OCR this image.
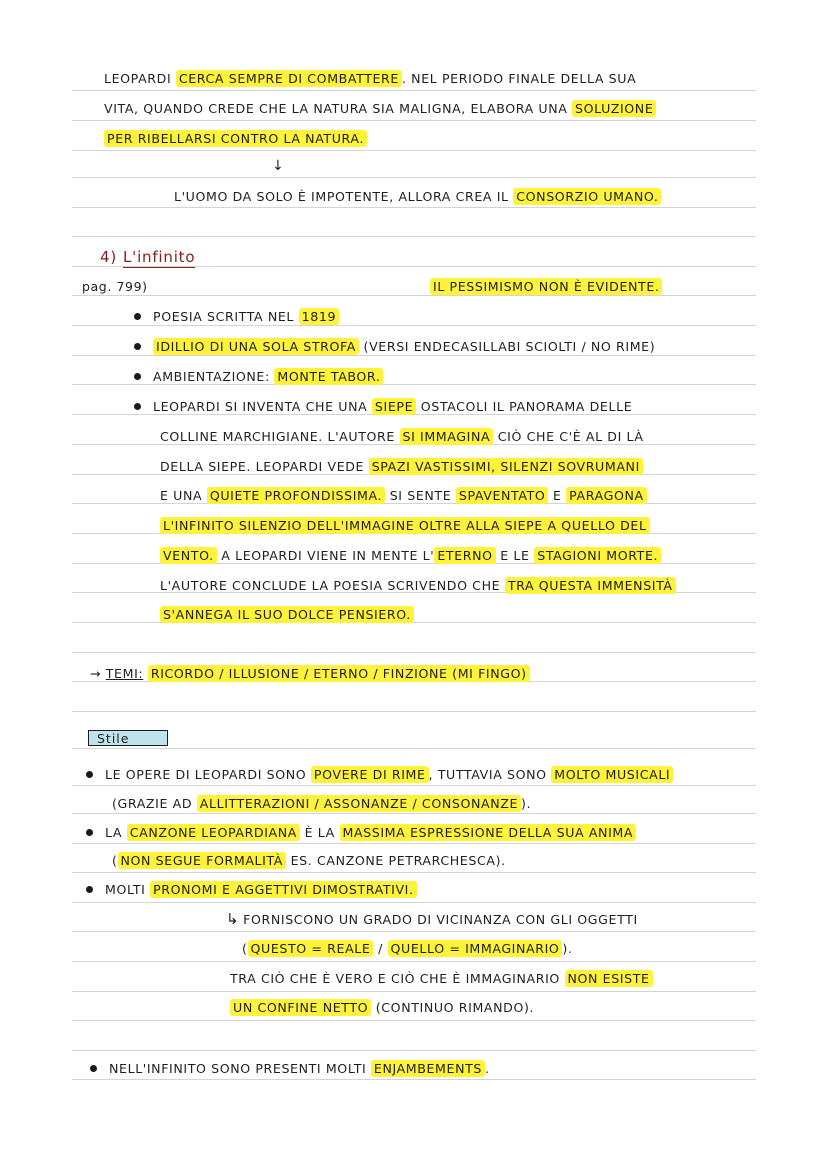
LEOPARDI CERCA SEMPRE DI COMBATTERE . NEL PERIODO FINALE DELLA SUA
VITA, QUANDO CREDE CHE LA NATURA SIA MALIGNA, ELABORA UNA SOLUZIONE
PER RIBELLARSI CONTRO LA NATURA.
↓
L'UOMO DA SOLO È IMPOTENTE, ALLORA CREA IL CONSORZIO UMANO.
4) L'infinito
pag. 799)	IL PESSIMISMO NON È EVIDENTE.
POESIA SCRITTA NEL 1819
IDILLIO DI UNA SOLA STROFA (VERSI ENDECASILLABI SCIOLTI / NO RIME)
AMBIENTAZIONE: MONTE TABOR.
LEOPARDI SI INVENTA CHE UNA SIEPE OSTACOLI IL PANORAMA DELLE
COLLINE MARCHIGIANE. L'AUTORE SI IMMAGINA CIÒ CHE C'È AL DI LÀ
DELLA SIEPE. LEOPARDI VEDE SPAZI VASTISSIMI, SILENZI SOVRUMANI
E UNA QUIETE PROFONDISSIMA. SI SENTE SPAVENTATO E PARAGONA
L'INFINITO SILENZIO DELL'IMMAGINE OLTRE ALLA SIEPE A QUELLO DEL
VENTO. A LEOPARDI VIENE IN MENTE L' ETERNO E LE STAGIONI MORTE.
L'AUTORE CONCLUDE LA POESIA SCRIVENDO CHE TRA QUESTA IMMENSITÀ
S'ANNEGA IL SUO DOLCE PENSIERO.
→ TEMI: RICORDO / ILLUSIONE / ETERNO / FINZIONE (MI FINGO)
Stile
LE OPERE DI LEOPARDI SONO POVERE DI RIME , TUTTAVIA SONO MOLTO MUSICALI
(GRAZIE AD ALLITTERAZIONI / ASSONANZE / CONSONANZE ).
LA CANZONE LEOPARDIANA È LA MASSIMA ESPRESSIONE DELLA SUA ANIMA
( NON SEGUE FORMALITÀ ES. CANZONE PETRARCHESCA).
MOLTI PRONOMI E AGGETTIVI DIMOSTRATIVI.
↳ FORNISCONO UN GRADO DI VICINANZA CON GLI OGGETTI
( QUESTO = REALE / QUELLO = IMMAGINARIO ).
TRA CIÒ CHE È VERO E CIÒ CHE È IMMAGINARIO NON ESISTE
UN CONFINE NETTO (CONTINUO RIMANDO).
NELL'INFINITO SONO PRESENTI MOLTI ENJAMBEMENTS .
